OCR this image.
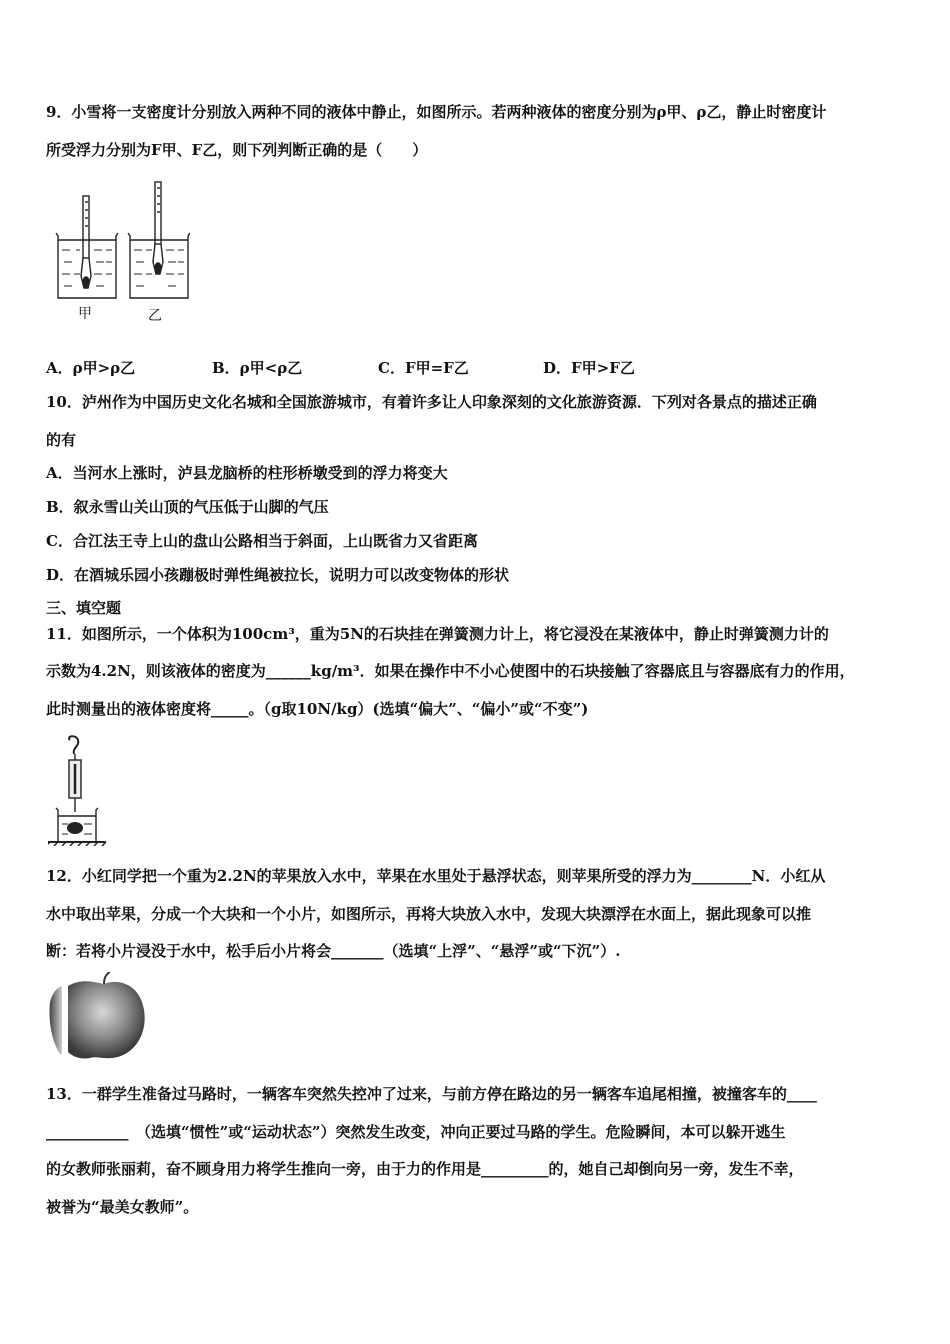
9．小雪将一支密度计分别放入两种不同的液体中静止，如图所示。若两种液体的密度分别为ρ甲、ρ乙，静止时密度计
所受浮力分别为F甲、F乙，则下列判断正确的是（　　）
甲	乙
A．ρ甲>ρ乙	B．ρ甲<ρ乙	C．F甲=F乙	D．F甲>F乙
10．泸州作为中国历史文化名城和全国旅游城市，有着许多让人印象深刻的文化旅游资源．下列对各景点的描述正确
的有
A．当河水上涨时，泸县龙脑桥的柱形桥墩受到的浮力将变大
B．叙永雪山关山顶的气压低于山脚的气压
C．合江法王寺上山的盘山公路相当于斜面，上山既省力又省距离
D．在酒城乐园小孩蹦极时弹性绳被拉长，说明力可以改变物体的形状
三、填空题
11．如图所示，一个体积为100cm³，重为5N的石块挂在弹簧测力计上，将它浸没在某液体中，静止时弹簧测力计的
示数为4.2N，则该液体的密度为______kg/m³．如果在操作中不小心使图中的石块接触了容器底且与容器底有力的作用，
此时测量出的液体密度将_____。（g取10N/kg）(选填“偏大”、“偏小”或“不变”)
12．小红同学把一个重为2.2N的苹果放入水中，苹果在水里处于悬浮状态，则苹果所受的浮力为________N．小红从
水中取出苹果，分成一个大块和一个小片，如图所示，再将大块放入水中，发现大块漂浮在水面上，据此现象可以推
断：若将小片浸没于水中，松手后小片将会_______（选填“上浮”、“悬浮”或“下沉”）.
13．一群学生准备过马路时，一辆客车突然失控冲了过来，与前方停在路边的另一辆客车追尾相撞，被撞客车的____
___________　（选填“惯性”或“运动状态”）突然发生改变，冲向正要过马路的学生。危险瞬间，本可以躲开逃生
的女教师张丽莉，奋不顾身用力将学生推向一旁，由于力的作用是_________的，她自己却倒向另一旁，发生不幸，
被誉为“最美女教师”。
